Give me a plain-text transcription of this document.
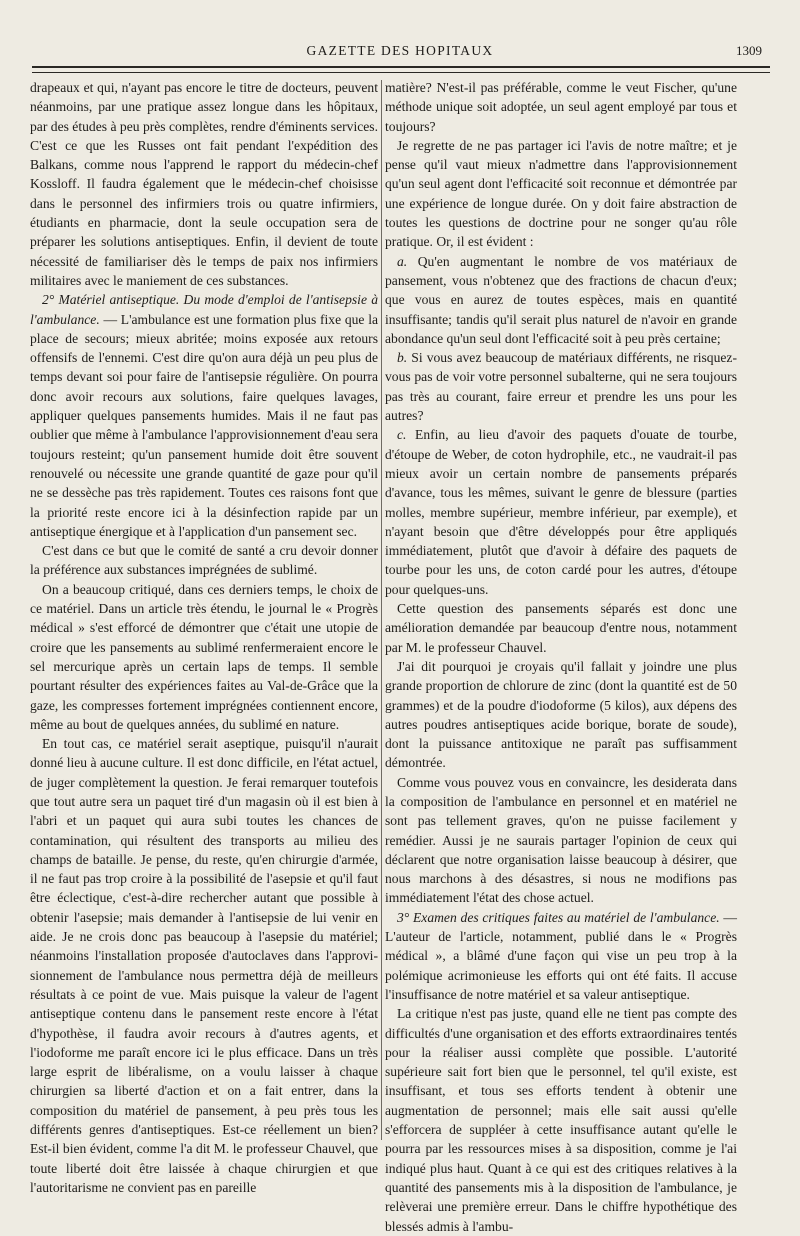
GAZETTE DES HOPITAUX	1309

drapeaux et qui, n'ayant pas encore le titre de docteurs, peuvent néanmoins, par une pratique assez longue dans les hôpitaux, par des études à peu près complètes, rendre d'éminents services. C'est ce que les Russes ont fait pendant l'expédition des Balkans, comme nous l'apprend le rapport du médecin-chef Kossloff. Il faudra également que le médecin-chef choisisse dans le personnel des infirmiers trois ou quatre infirmiers, étudiants en pharmacie, dont la seule occupation sera de préparer les solutions antiseptiques. Enfin, il devient de toute nécessité de familiariser dès le temps de paix nos infirmiers militaires avec le maniement de ces substances.

2° Matériel antiseptique. Du mode d'emploi de l'antisepsie à l'ambulance. — L'ambulance est une formation plus fixe que la place de secours; mieux abritée; moins exposée aux retours offensifs de l'ennemi. C'est dire qu'on aura déjà un peu plus de temps devant soi pour faire de l'antisepsie régulière. On pourra donc avoir recours aux solutions, faire quelques lavages, appliquer quelques pansements humides. Mais il ne faut pas oublier que même à l'ambulance l'approvisionnement d'eau sera toujours resteint; qu'un pansement humide doit être souvent renouvelé ou nécessite une grande quantité de gaze pour qu'il ne se dessèche pas très rapidement. Toutes ces raisons font que la priorité reste encore ici à la désinfection rapide par un antiseptique énergique et à l'application d'un pansement sec.

C'est dans ce but que le comité de santé a cru devoir donner la préférence aux substances imprégnées de sublimé.

On a beaucoup critiqué, dans ces derniers temps, le choix de ce matériel. Dans un article très étendu, le journal le « Progrès médical » s'est efforcé de démontrer que c'était une utopie de croire que les pansements au sublimé renfermeraient encore le sel mercurique après un certain laps de temps. Il semble pourtant résulter des expériences faites au Val-de-Grâce que la gaze, les compresses fortement imprégnées contiennent encore, même au bout de quelques années, du sublimé en nature.

En tout cas, ce matériel serait aseptique, puisqu'il n'aurait donné lieu à aucune culture. Il est donc difficile, en l'état actuel, de juger complètement la question. Je ferai remarquer toutefois que tout autre sera un paquet tiré d'un magasin où il est bien à l'abri et un paquet qui aura subi toutes les chances de contamination, qui résultent des transports au milieu des champs de bataille. Je pense, du reste, qu'en chirurgie d'armée, il ne faut pas trop croire à la possibilité de l'asepsie et qu'il faut être éclectique, c'est-à-dire rechercher autant que possible à obtenir l'asepsie; mais demander à l'antisepsie de lui venir en aide. Je ne crois donc pas beaucoup à l'asepsie du matériel; néanmoins l'installation proposée d'autoclaves dans l'approvisionnement de l'ambulance nous permettra déjà de meilleurs résultats à ce point de vue. Mais puisque la valeur de l'agent antiseptique contenu dans le pansement reste encore à l'état d'hypothèse, il faudra avoir recours à d'autres agents, et l'iodoforme me paraît encore ici le plus efficace. Dans un très large esprit de libéralisme, on a voulu laisser à chaque chirurgien sa liberté d'action et on a fait entrer, dans la composition du matériel de pansement, à peu près tous les différents genres d'antiseptiques. Est-ce réellement un bien? Est-il bien évident, comme l'a dit M. le professeur Chauvel, que toute liberté doit être laissée à chaque chirurgien et que l'autoritarisme ne convient pas en pareille

matière? N'est-il pas préférable, comme le veut Fischer, qu'une méthode unique soit adoptée, un seul agent employé par tous et toujours?

Je regrette de ne pas partager ici l'avis de notre maître; et je pense qu'il vaut mieux n'admettre dans l'approvisionnement qu'un seul agent dont l'efficacité soit reconnue et démontrée par une expérience de longue durée. On y doit faire abstraction de toutes les questions de doctrine pour ne songer qu'au rôle pratique. Or, il est évident :

a. Qu'en augmentant le nombre de vos matériaux de pansement, vous n'obtenez que des fractions de chacun d'eux; que vous en aurez de toutes espèces, mais en quantité insuffisante; tandis qu'il serait plus naturel de n'avoir en grande abondance qu'un seul dont l'efficacité soit à peu près certaine;

b. Si vous avez beaucoup de matériaux différents, ne risquez-vous pas de voir votre personnel subalterne, qui ne sera toujours pas très au courant, faire erreur et prendre les uns pour les autres?

c. Enfin, au lieu d'avoir des paquets d'ouate de tourbe, d'étoupe de Weber, de coton hydrophile, etc., ne vaudrait-il pas mieux avoir un certain nombre de pansements préparés d'avance, tous les mêmes, suivant le genre de blessure (parties molles, membre supérieur, membre inférieur, par exemple), et n'ayant besoin que d'être développés pour être appliqués immédiatement, plutôt que d'avoir à défaire des paquets de tourbe pour les uns, de coton cardé pour les autres, d'étoupe pour quelques-uns.

Cette question des pansements séparés est donc une amélioration demandée par beaucoup d'entre nous, notamment par M. le professeur Chauvel.

J'ai dit pourquoi je croyais qu'il fallait y joindre une plus grande proportion de chlorure de zinc (dont la quantité est de 50 grammes) et de la poudre d'iodoforme (5 kilos), aux dépens des autres poudres antiseptiques acide borique, borate de soude), dont la puissance antitoxique ne paraît pas suffisamment démontrée.

Comme vous pouvez vous en convaincre, les desiderata dans la composition de l'ambulance en personnel et en matériel ne sont pas tellement graves, qu'on ne puisse facilement y remédier. Aussi je ne saurais partager l'opinion de ceux qui déclarent que notre organisation laisse beaucoup à désirer, que nous marchons à des désastres, si nous ne modifions pas immédiatement l'état des chose actuel.

3° Examen des critiques faites au matériel de l'ambulance. — L'auteur de l'article, notamment, publié dans le « Progrès médical », a blâmé d'une façon qui vise un peu trop à la polémique acrimonieuse les efforts qui ont été faits. Il accuse l'insuffisance de notre matériel et sa valeur antiseptique.

La critique n'est pas juste, quand elle ne tient pas compte des difficultés d'une organisation et des efforts extraordinaires tentés pour la réaliser aussi complète que possible. L'autorité supérieure sait fort bien que le personnel, tel qu'il existe, est insuffisant, et tous ses efforts tendent à obtenir une augmentation de personnel; mais elle sait aussi qu'elle s'efforcera de suppléer à cette insuffisance autant qu'elle le pourra par les ressources mises à sa disposition, comme je l'ai indiqué plus haut. Quant à ce qui est des critiques relatives à la quantité des pansements mis à la disposition de l'ambulance, je relèverai une première erreur. Dans le chiffre hypothétique des blessés admis à l'ambu-
